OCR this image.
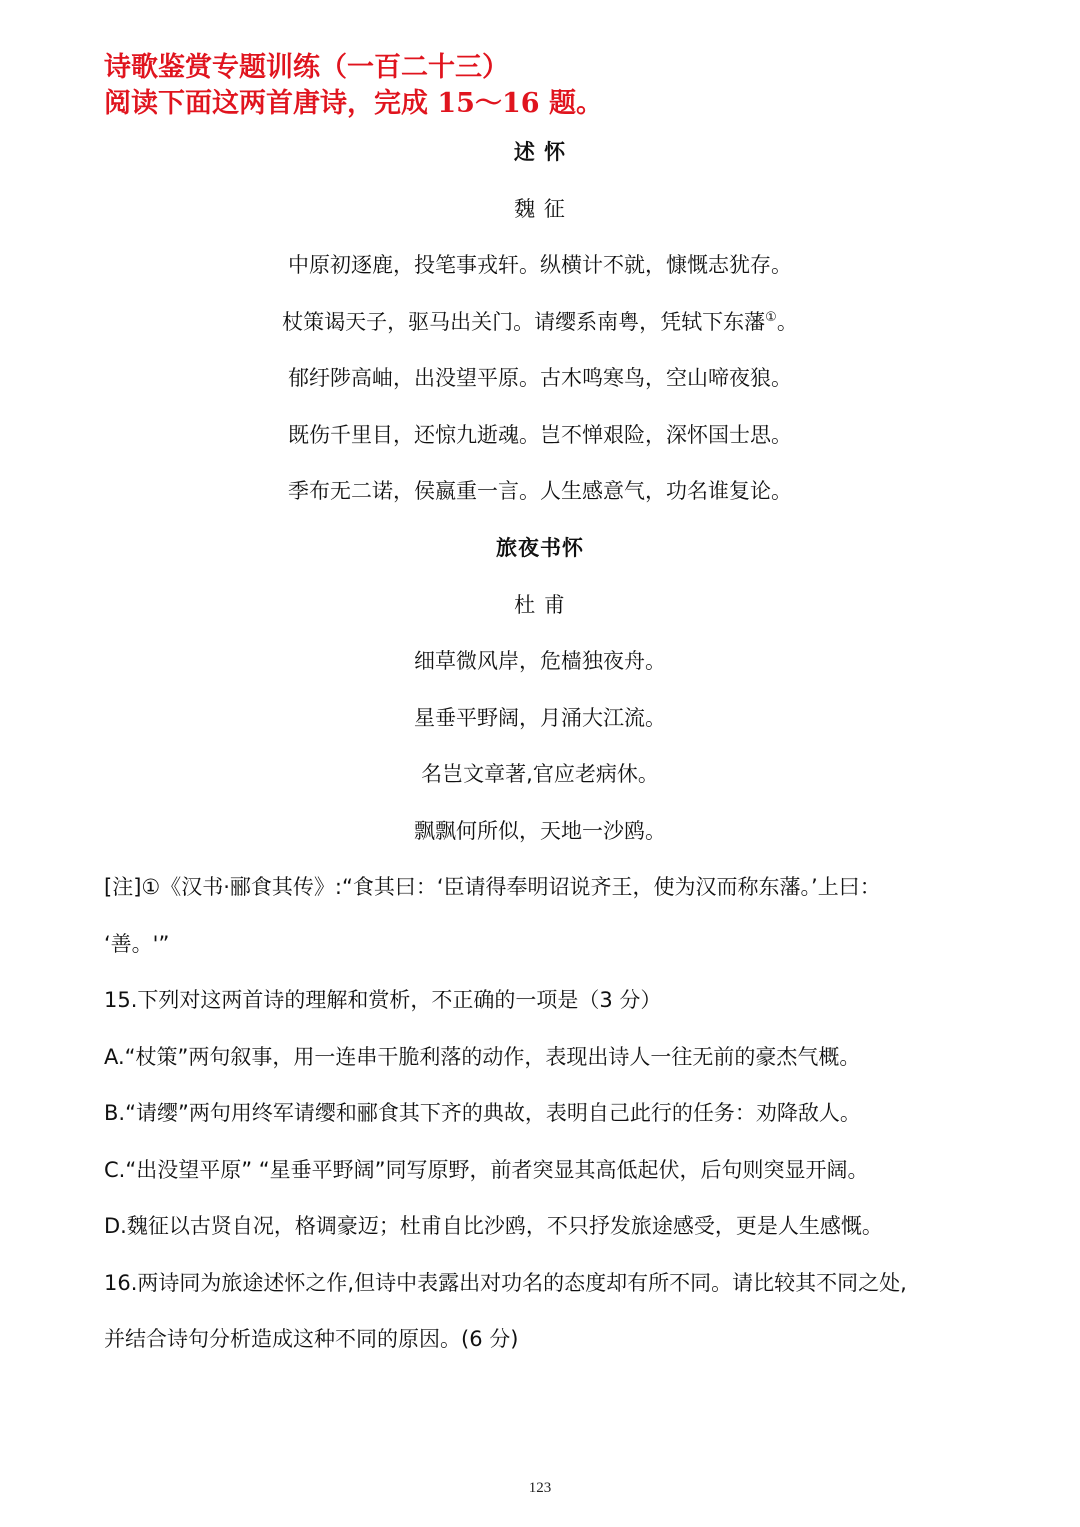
诗歌鉴赏专题训练（一百二十三）
阅读下面这两首唐诗，完成 15～16 题。
述 怀
魏 征
中原初逐鹿，投笔事戎轩。纵横计不就，慷慨志犹存。
杖策谒天子，驱马出关门。请缨系南粤，凭轼下东藩①。
郁纡陟高岫，出没望平原。古木鸣寒鸟，空山啼夜狼。
既伤千里目，还惊九逝魂。岂不惮艰险，深怀国士思。
季布无二诺，侯嬴重一言。人生感意气，功名谁复论。
旅夜书怀
杜 甫
细草微风岸，危樯独夜舟。
星垂平野阔，月涌大江流。
名岂文章著,官应老病休。
飘飘何所似，天地一沙鸥。
[注]①《汉书·郦食其传》:“食其曰：‘臣请得奉明诏说齐王，使为汉而称东藩。’上曰：
‘善。'”
15.下列对这两首诗的理解和赏析，不正确的一项是（3 分）
A.“杖策”两句叙事，用一连串干脆利落的动作，表现出诗人一往无前的豪杰气概。
B.“请缨”两句用终军请缨和郦食其下齐的典故，表明自己此行的任务：劝降敌人。
C.“出没望平原” “星垂平野阔”同写原野，前者突显其高低起伏，后句则突显开阔。
D.魏征以古贤自况，格调豪迈；杜甫自比沙鸥，不只抒发旅途感受，更是人生感慨。
16.两诗同为旅途述怀之作,但诗中表露出对功名的态度却有所不同。请比较其不同之处,
并结合诗句分析造成这种不同的原因。(6 分)
123
